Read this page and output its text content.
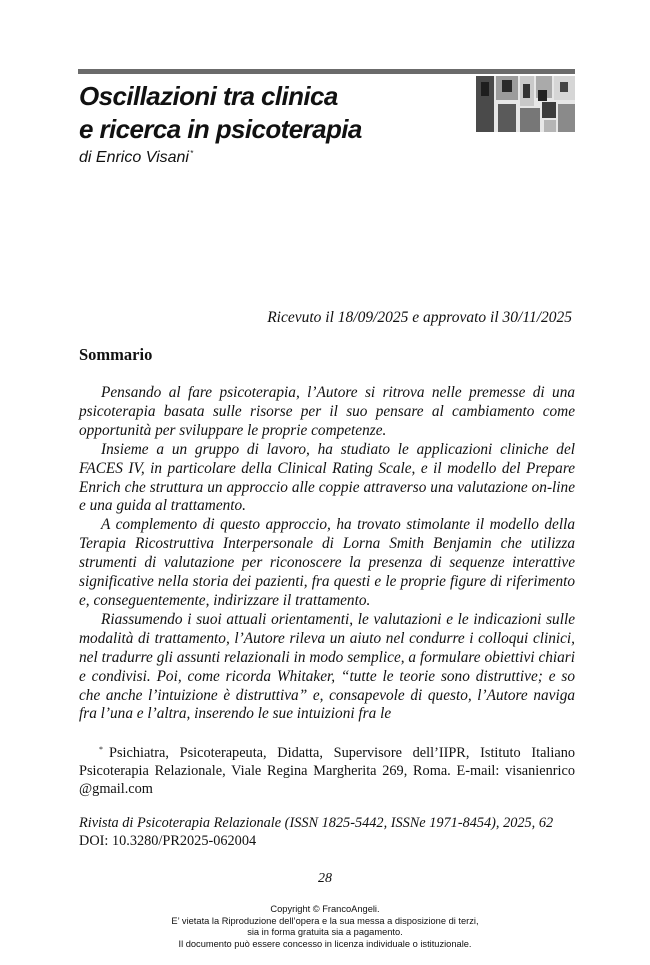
Oscillazioni tra clinica
e ricerca in psicoterapia
di Enrico Visani*
Ricevuto il 18/09/2025 e approvato il 30/11/2025
Sommario

Pensando al fare psicoterapia, l’Autore si ritrova nelle premesse di una psicoterapia basata sulle risorse per il suo pensare al cambiamento come opportunità per sviluppare le proprie competenze.

Insieme a un gruppo di lavoro, ha studiato le applicazioni cliniche del FACES IV, in particolare della Clinical Rating Scale, e il modello del Prepare Enrich che struttura un approccio alle coppie attraverso una valutazione on-line e una guida al trattamento.

A complemento di questo approccio, ha trovato stimolante il modello della Terapia Ricostruttiva Interpersonale di Lorna Smith Benjamin che utilizza strumenti di valutazione per riconoscere la presenza di sequenze interattive significative nella storia dei pazienti, fra questi e le proprie figure di riferimento e, conseguentemente, indirizzare il trattamento.

Riassumendo i suoi attuali orientamenti, le valutazioni e le indicazioni sulle modalità di trattamento, l’Autore rileva un aiuto nel condurre i colloqui clinici, nel tradurre gli assunti relazionali in modo semplice, a formulare obiettivi chiari e condivisi. Poi, come ricorda Whitaker, “tutte le teorie sono distruttive; e so che anche l’intuizione è distruttiva” e, consapevole di questo, l’Autore naviga fra l’una e l’altra, inserendo le sue intuizioni fra le

* Psichiatra, Psicoterapeuta, Didatta, Supervisore dell’IIPR, Istituto Italiano Psicoterapia Relazionale, Viale Regina Margherita 269, Roma. E-mail: visanienrico @gmail.com
Rivista di Psicoterapia Relazionale (ISSN 1825-5442, ISSNe 1971-8454), 2025, 62
DOI: 10.3280/PR2025-062004
28
Copyright © FrancoAngeli.
E’ vietata la Riproduzione dell’opera e la sua messa a disposizione di terzi,
sia in forma gratuita sia a pagamento.
Il documento può essere concesso in licenza individuale o istituzionale.
